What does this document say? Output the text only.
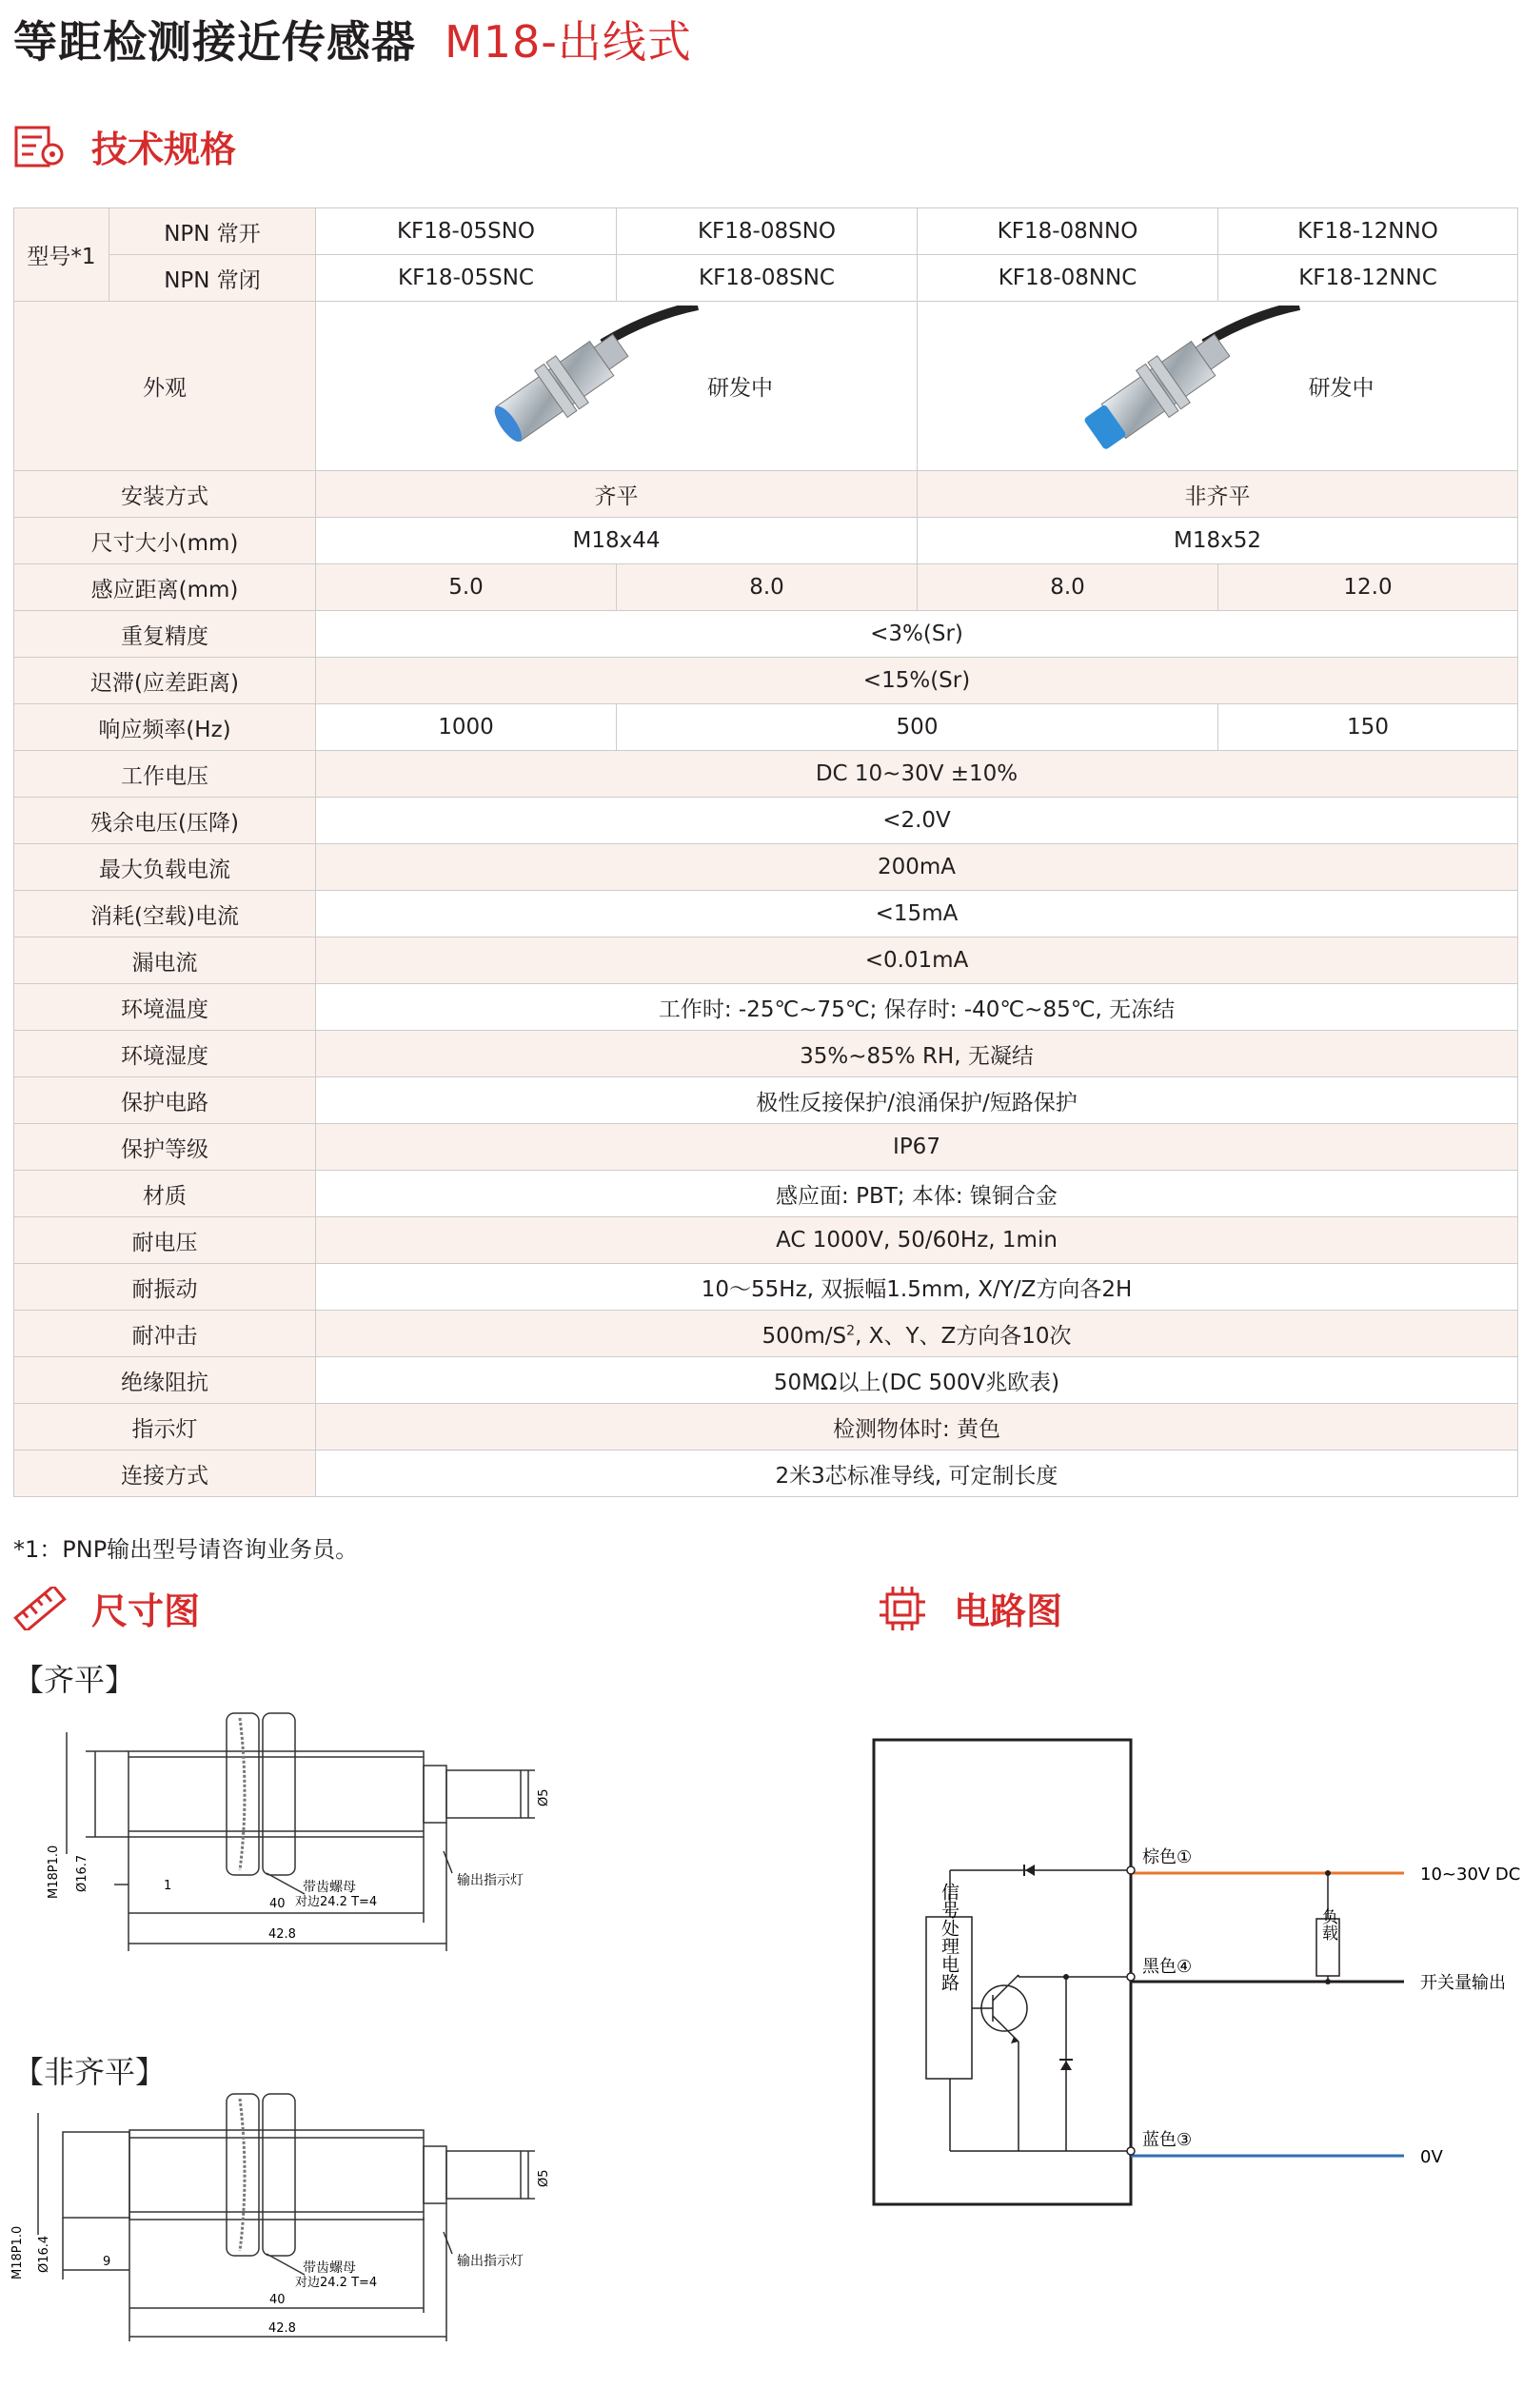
等距检测接近传感器 M18-出线式
技术规格
型号*1	NPN 常开	KF18-05SNO	KF18-08SNO	KF18-08NNO	KF18-12NNO
	NPN 常闭	KF18-05SNC	KF18-08SNC	KF18-08NNC	KF18-12NNC
外观		研发中		研发中	

安装方式		齐平		非齐平	
尺寸大小(mm)		M18x44		M18x52	
感应距离(mm)		5.0	8.0	8.0	12.0
重复精度		<3%(Sr)			
迟滞(应差距离)		<15%(Sr)			
响应频率(Hz)		1000	500		150
工作电压		DC 10~30V ±10%			
残余电压(压降)		<2.0V			
最大负载电流		200mA			
消耗(空载)电流		<15mA			
漏电流		<0.01mA			
环境温度		工作时: -25℃~75℃; 保存时: -40℃~85℃, 无冻结			
环境湿度		35%~85% RH, 无凝结			
保护电路		极性反接保护/浪涌保护/短路保护			
保护等级		IP67			
材质		感应面: PBT; 本体: 镍铜合金			
耐电压		AC 1000V, 50/60Hz, 1min			
耐振动		10～55Hz, 双振幅1.5mm, X/Y/Z方向各2H			
耐冲击		$500m/S^2$, X、Y、Z方向各10次			
绝缘阻抗		50MΩ以上(DC 500V兆欧表)			
指示灯		检测物体时: 黄色			
连接方式		2米3芯标准导线, 可定制长度			
*1：PNP输出型号请咨询业务员。
尺寸图	电路图
【齐平】
【非齐平】
M18P1.0 Ø16.7	1	带齿螺母
对边24.2 T=4
输出指示灯
40
42.8
Ø5
M18P1.0 Ø16.4	9	带齿螺母
对边24.2 T=4
输出指示灯
40
42.8
Ø5
信号处理电路	负载
棕色①
黑色④
蓝色③
10~30V DC
开关量输出
0V
